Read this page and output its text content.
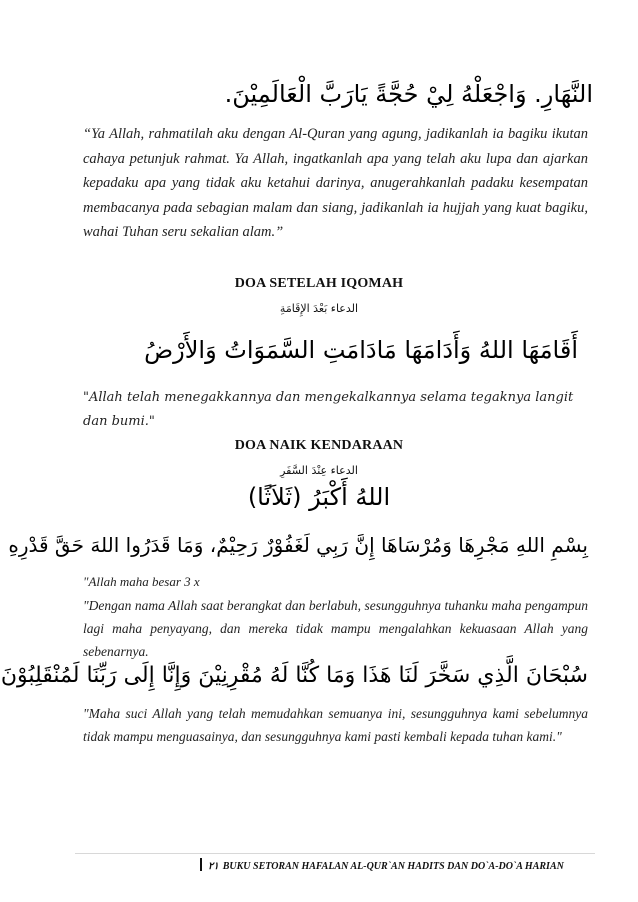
النَّهَارِ. وَاجْعَلْهُ لِيْ حُجَّةً يَارَبَّ الْعَالَمِيْنَ.
“Ya Allah, rahmatilah aku dengan Al-Quran yang agung, jadikanlah ia bagiku ikutan cahaya petunjuk rahmat. Ya Allah, ingatkanlah apa yang telah aku lupa dan ajarkan kepadaku apa yang tidak aku ketahui darinya, anugerahkanlah padaku kesempatan membacanya pada sebagian malam dan siang, jadikanlah ia hujjah yang kuat bagiku, wahai Tuhan seru sekalian alam.”
DOA SETELAH IQOMAH
الدعاء بَعْدَ الإِقَامَةِ
أَقَامَهَا اللهُ وَأَدَامَهَا مَادَامَتِ السَّمَوَاتُ وَالأَرْضُ
"Allah telah menegakkannya dan mengekalkannya selama tegaknya langit dan bumi."
DOA NAIK KENDARAAN
الدعاء عِنْدَ السَّفَرِ
اللهُ أَكْبَرُ (ثَلاَثًا)
بِسْمِ اللهِ مَجْرِهَا وَمُرْسَاهَا إِنَّ رَبِي لَغَفُوْرٌ رَحِيْمٌ، وَمَا قَدَرُوا اللهَ حَقَّ قَدْرِهِ
"Allah maha besar 3 x
"Dengan nama Allah saat berangkat dan berlabuh, sesungguhnya tuhanku maha pengampun lagi maha penyayang, dan mereka tidak mampu mengalahkan kekuasaan Allah yang sebenarnya.
سُبْحَانَ الَّذِي سَخَّرَ لَنَا هَذَا وَمَا كُنَّا لَهُ مُقْرِنِيْنَ وَإِنَّا إِلَى رَبِّنَا لَمُنْقَلِبُوْنَ
"Maha suci Allah yang telah memudahkan semuanya ini, sesungguhnya kami sebelumnya tidak mampu menguasainya, dan sesungguhnya kami pasti kembali kepada tuhan kami."
٢١ BUKU SETORAN HAFALAN AL-QUR`AN HADITS DAN DO`A-DO`A HARIAN
